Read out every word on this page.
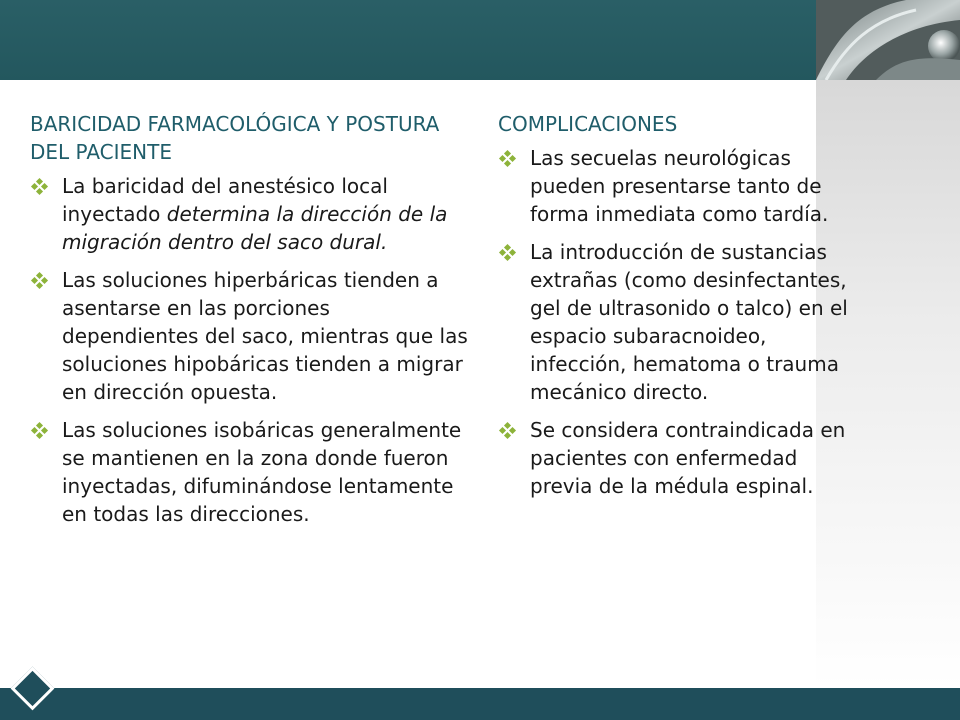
BARICIDAD FARMACOLÓGICA Y POSTURA DEL PACIENTE
La baricidad del anestésico local inyectado determina la dirección de la migración dentro del saco dural.
Las soluciones hiperbáricas tienden a asentarse en las porciones dependientes del saco, mientras que las soluciones hipobáricas tienden a migrar en dirección opuesta.
Las soluciones isobáricas generalmente se mantienen en la zona donde fueron inyectadas, difuminándose lentamente en todas las direcciones.
COMPLICACIONES
Las secuelas neurológicas pueden presentarse tanto de forma inmediata como tardía.
La introducción de sustancias extrañas (como desinfectantes, gel de ultrasonido o talco) en el espacio subaracnoideo, infección, hematoma o trauma mecánico directo.
Se considera contraindicada en pacientes con enfermedad previa de la médula espinal.
